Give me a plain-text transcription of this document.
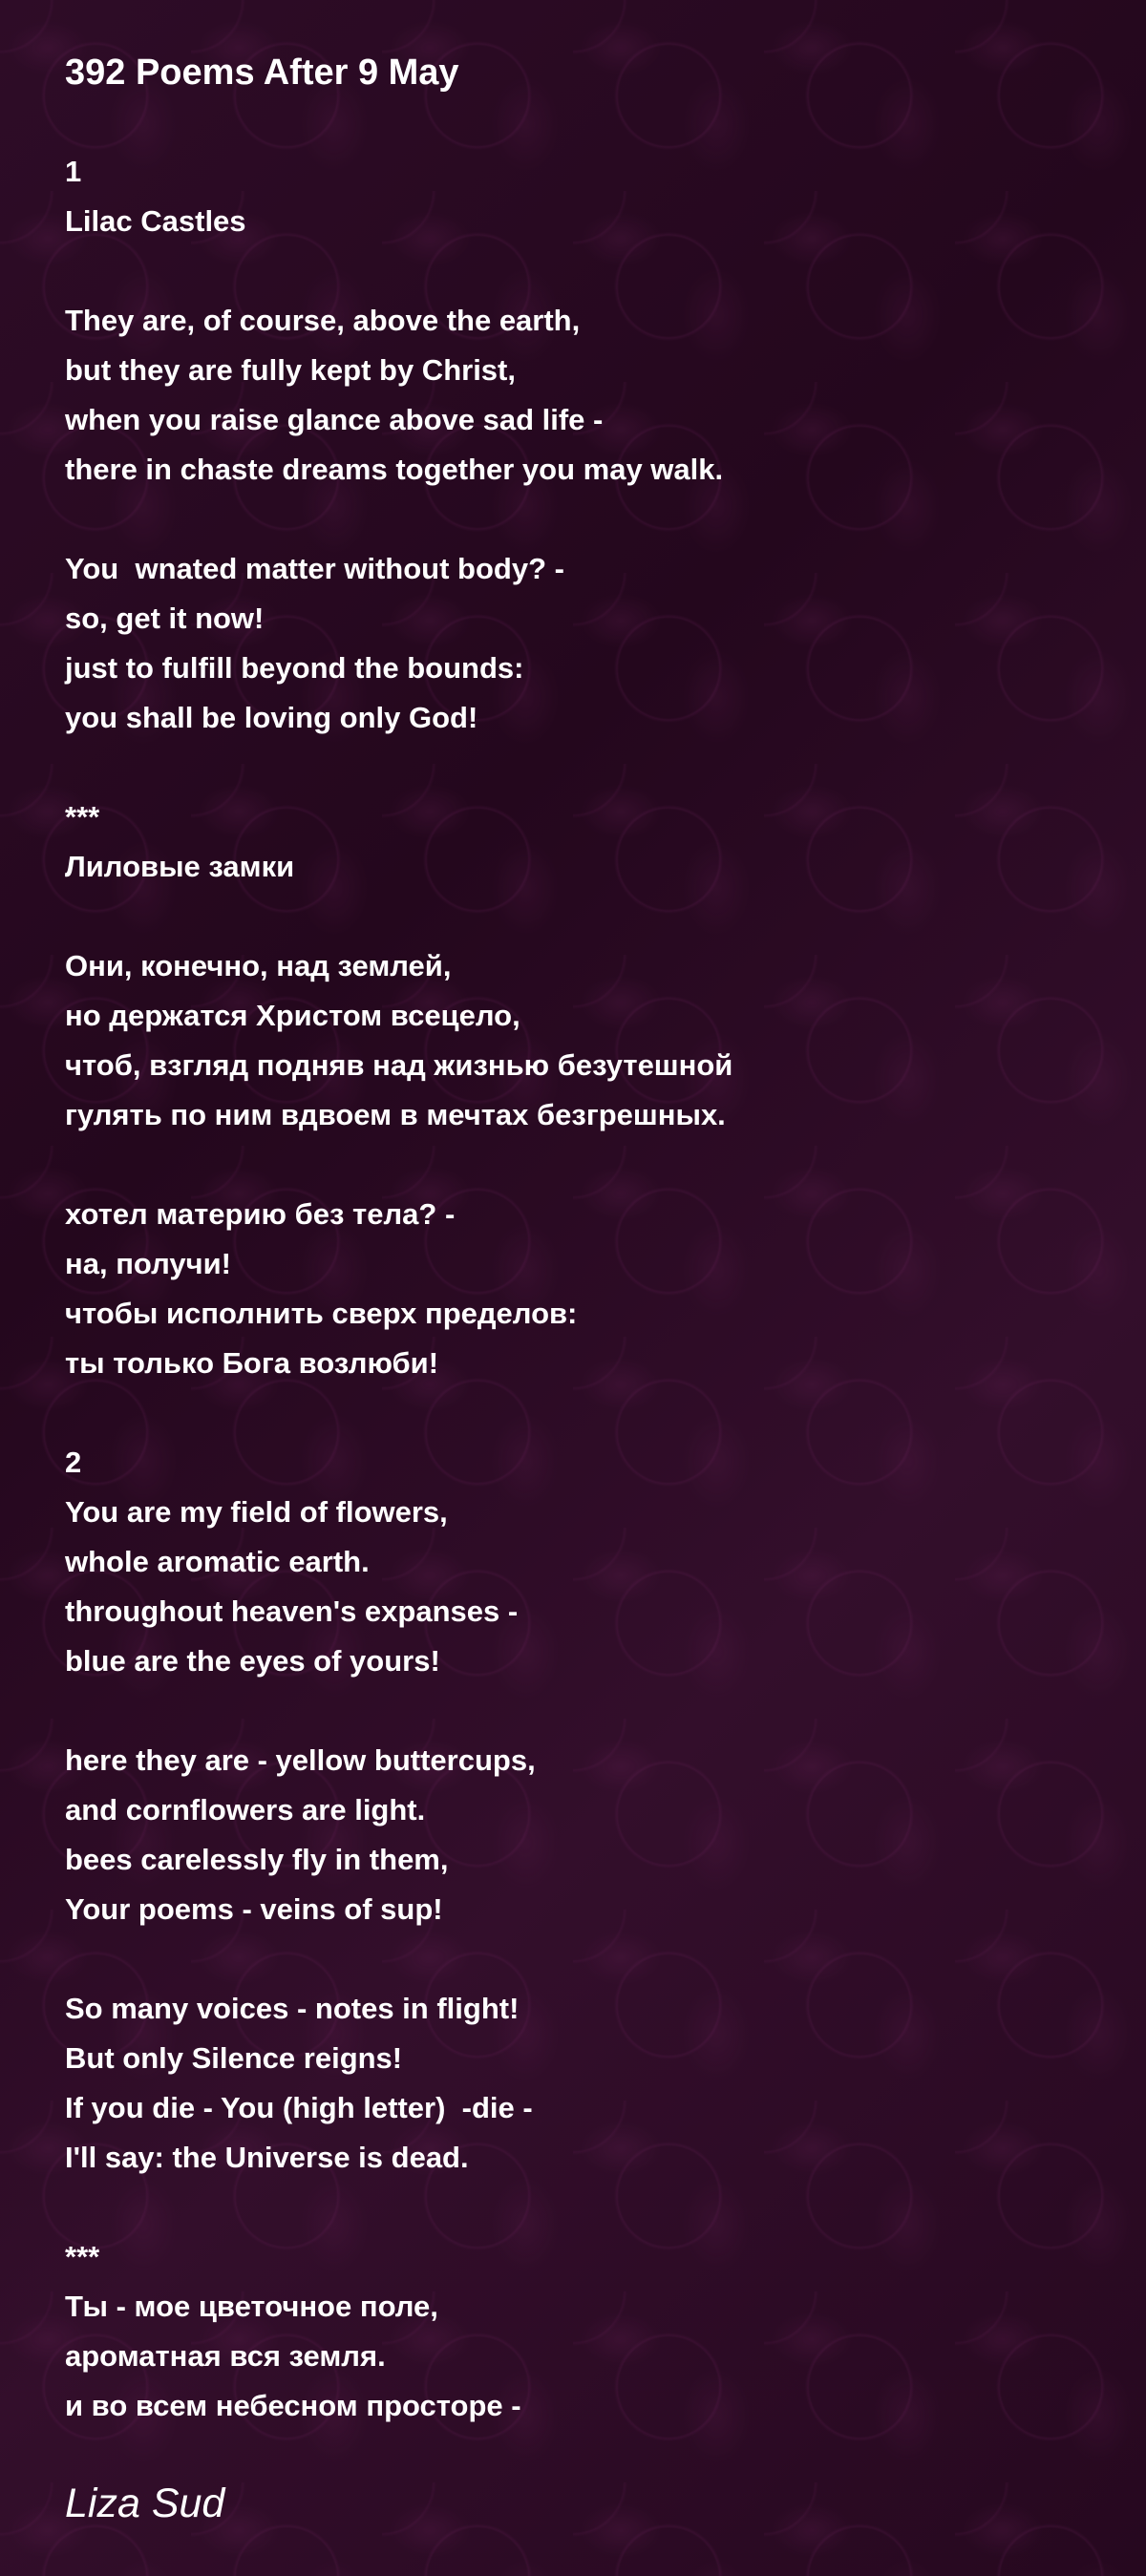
392 Poems After 9 May
1
Lilac Castles
They are, of course, above the earth,
but they are fully kept by Christ,
when you raise glance above sad life -
there in chaste dreams together you may walk.
You  wnated matter without body? -
so, get it now!
just to fulfill beyond the bounds:
you shall be loving only God!
***
Лиловые замки
Они, конечно, над землей,
но держатся Христом всецело,
чтоб, взгляд подняв над жизнью безутешной
гулять по ним вдвоем в мечтах безгрешных.
хотел материю без тела? -
на, получи!
чтобы исполнить сверх пределов:
ты только Бога возлюби!
2
You are my field of flowers,
whole aromatic earth.
throughout heaven's expanses -
blue are the eyes of yours!
here they are - yellow buttercups,
and cornflowers are light.
bees carelessly fly in them,
Your poems - veins of sup!
So many voices - notes in flight!
But only Silence reigns!
If you die - You (high letter)  -die -
I'll say: the Universe is dead.
***
Ты - мое цветочное поле,
ароматная вся земля.
и во всем небесном просторе -
Liza Sud
